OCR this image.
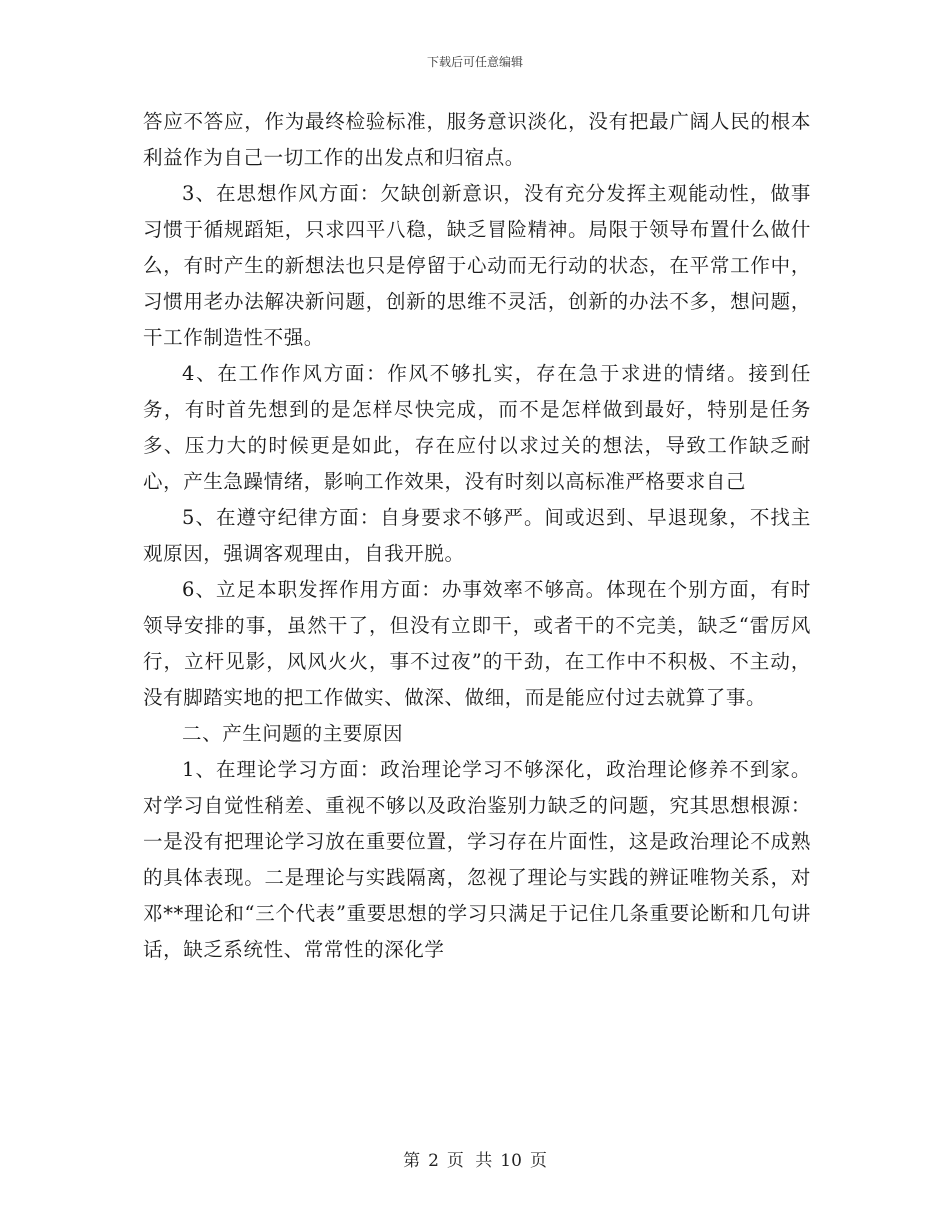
下载后可任意编辑

答应不答应，作为最终检验标准，服务意识淡化，没有把最广阔人民的根本利益作为自己一切工作的出发点和归宿点。

3、在思想作风方面：欠缺创新意识，没有充分发挥主观能动性，做事习惯于循规蹈矩，只求四平八稳，缺乏冒险精神。局限于领导布置什么做什么，有时产生的新想法也只是停留于心动而无行动的状态，在平常工作中，习惯用老办法解决新问题，创新的思维不灵活，创新的办法不多，想问题，干工作制造性不强。

4、在工作作风方面：作风不够扎实，存在急于求进的情绪。接到任务，有时首先想到的是怎样尽快完成，而不是怎样做到最好，特别是任务多、压力大的时候更是如此，存在应付以求过关的想法，导致工作缺乏耐心，产生急躁情绪，影响工作效果，没有时刻以高标准严格要求自己

5、在遵守纪律方面：自身要求不够严。间或迟到、早退现象，不找主观原因，强调客观理由，自我开脱。

6、立足本职发挥作用方面：办事效率不够高。体现在个别方面，有时领导安排的事，虽然干了，但没有立即干，或者干的不完美，缺乏“雷厉风行，立杆见影，风风火火，事不过夜”的干劲，在工作中不积极、不主动，没有脚踏实地的把工作做实、做深、做细，而是能应付过去就算了事。

二、产生问题的主要原因

1、在理论学习方面：政治理论学习不够深化，政治理论修养不到家。对学习自觉性稍差、重视不够以及政治鉴别力缺乏的问题，究其思想根源：一是没有把理论学习放在重要位置，学习存在片面性，这是政治理论不成熟的具体表现。二是理论与实践隔离，忽视了理论与实践的辨证唯物关系，对邓**理论和“三个代表”重要思想的学习只满足于记住几条重要论断和几句讲话，缺乏系统性、常常性的深化学

第 2 页 共 10 页
